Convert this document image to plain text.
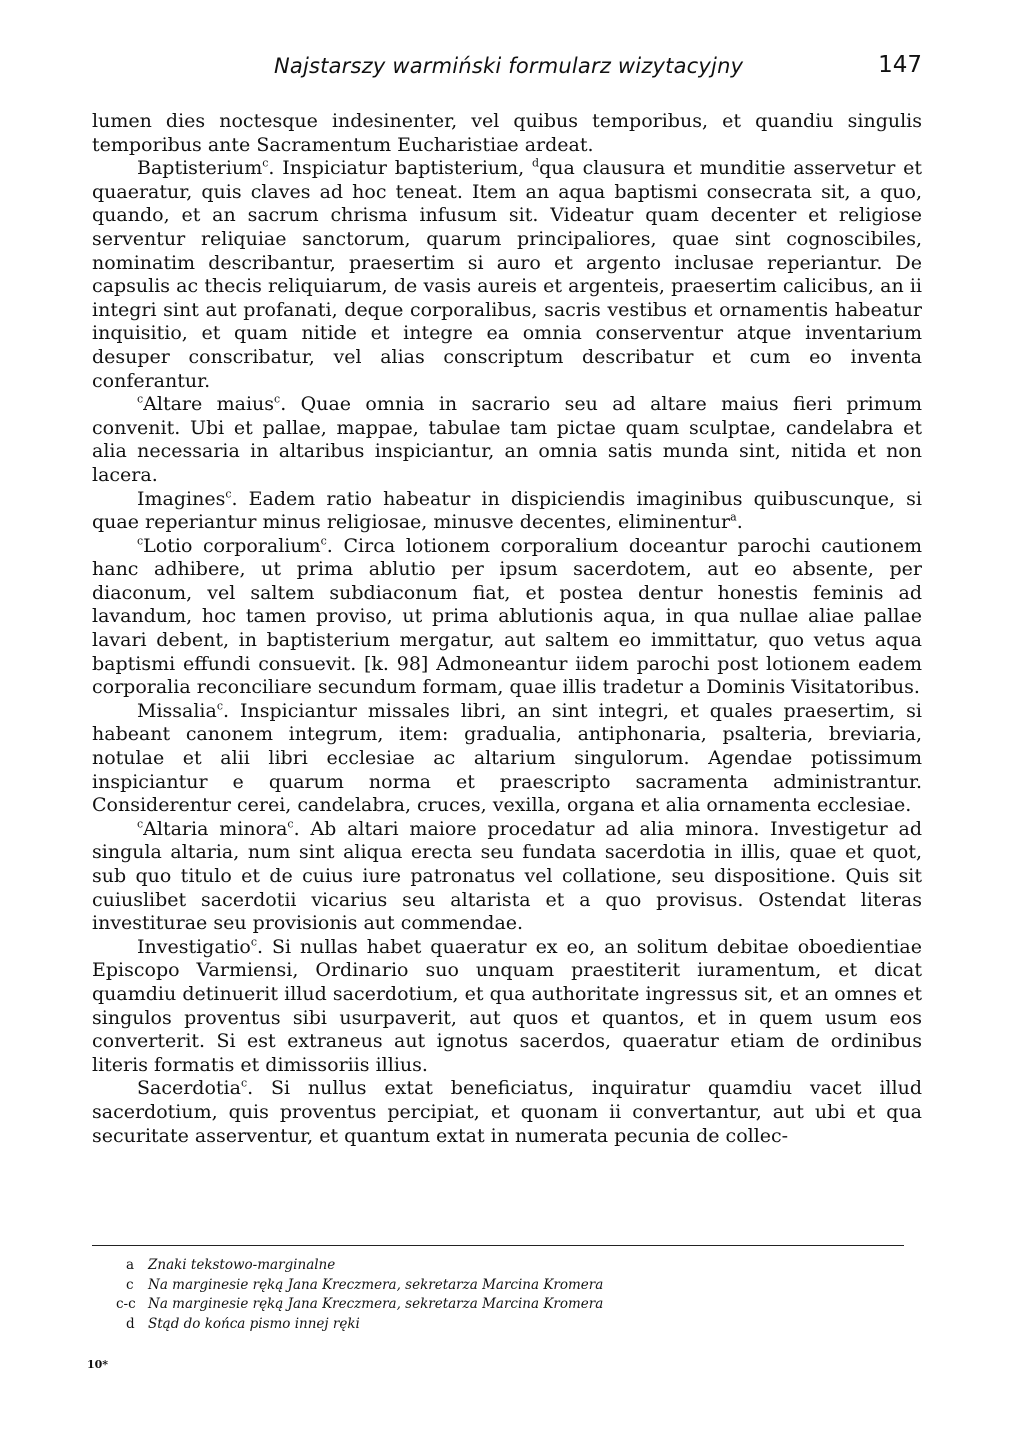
Najstarszy warmiński formularz wizytacyjny	147

lumen dies noctesque indesinenter, vel quibus temporibus, et quandiu singulis temporibus ante Sacramentum Eucharistiae ardeat.

Baptisterium$^c$. Inspiciatur baptisterium, $^d$qua clausura et munditie asservetur et quaeratur, quis claves ad hoc teneat. Item an aqua baptismi consecrata sit, a quo, quando, et an sacrum chrisma infusum sit. Videatur quam decenter et religiose serventur reliquiae sanctorum, quarum principaliores, quae sint cognoscibiles, nominatim describantur, praesertim si auro et argento inclusae reperiantur. De capsulis ac thecis reliquiarum, de vasis aureis et argenteis, praesertim calicibus, an ii integri sint aut profanati, deque corporalibus, sacris vestibus et ornamentis habeatur inquisitio, et quam nitide et integre ea omnia conserventur atque inventarium desuper conscribatur, vel alias conscriptum describatur et cum eo inventa conferantur.

$^c$Altare maius$^c$. Quae omnia in sacrario seu ad altare maius fieri primum convenit. Ubi et pallae, mappae, tabulae tam pictae quam sculptae, candelabra et alia necessaria in altaribus inspiciantur, an omnia satis munda sint, nitida et non lacera.

Imagines$^c$. Eadem ratio habeatur in dispiciendis imaginibus quibuscunque, si quae reperiantur minus religiosae, minusve decentes, eliminentur$^a$.

$^c$Lotio corporalium$^c$. Circa lotionem corporalium doceantur parochi cautionem hanc adhibere, ut prima ablutio per ipsum sacerdotem, aut eo absente, per diaconum, vel saltem subdiaconum fiat, et postea dentur honestis feminis ad lavandum, hoc tamen proviso, ut prima ablutionis aqua, in qua nullae aliae pallae lavari debent, in baptisterium mergatur, aut saltem eo immittatur, quo vetus aqua baptismi effundi consuevit. [k. 98] Admoneantur iidem parochi post lotionem eadem corporalia reconciliare secundum formam, quae illis tradetur a Dominis Visitatoribus.

Missalia$^c$. Inspiciantur missales libri, an sint integri, et quales praesertim, si habeant canonem integrum, item: gradualia, antiphonaria, psalteria, breviaria, notulae et alii libri ecclesiae ac altarium singulorum. Agendae potissimum inspiciantur e quarum norma et praescripto sacramenta administrantur. Considerentur cerei, candelabra, cruces, vexilla, organa et alia ornamenta ecclesiae.

$^c$Altaria minora$^c$. Ab altari maiore procedatur ad alia minora. Investigetur ad singula altaria, num sint aliqua erecta seu fundata sacerdotia in illis, quae et quot, sub quo titulo et de cuius iure patronatus vel collatione, seu dispositione. Quis sit cuiuslibet sacerdotii vicarius seu altarista et a quo provisus. Ostendat literas investiturae seu provisionis aut commendae.

Investigatio$^c$. Si nullas habet quaeratur ex eo, an solitum debitae oboedientiae Episcopo Varmiensi, Ordinario suo unquam praestiterit iuramentum, et dicat quamdiu detinuerit illud sacerdotium, et qua authoritate ingressus sit, et an omnes et singulos proventus sibi usurpaverit, aut quos et quantos, et in quem usum eos converterit. Si est extraneus aut ignotus sacerdos, quaeratur etiam de ordinibus literis formatis et dimissoriis illius.

Sacerdotia$^c$. Si nullus extat beneficiatus, inquiratur quamdiu vacet illud sacerdotium, quis proventus percipiat, et quonam ii convertantur, aut ubi et qua securitate asserventur, et quantum extat in numerata pecunia de collec-

a	Znaki tekstowo-marginalne
c	Na marginesie ręką Jana Kreczmera, sekretarza Marcina Kromera
c-c Na marginesie ręką Jana Kreczmera, sekretarza Marcina Kromera
d Stąd do końca pismo innej ręki
10*
